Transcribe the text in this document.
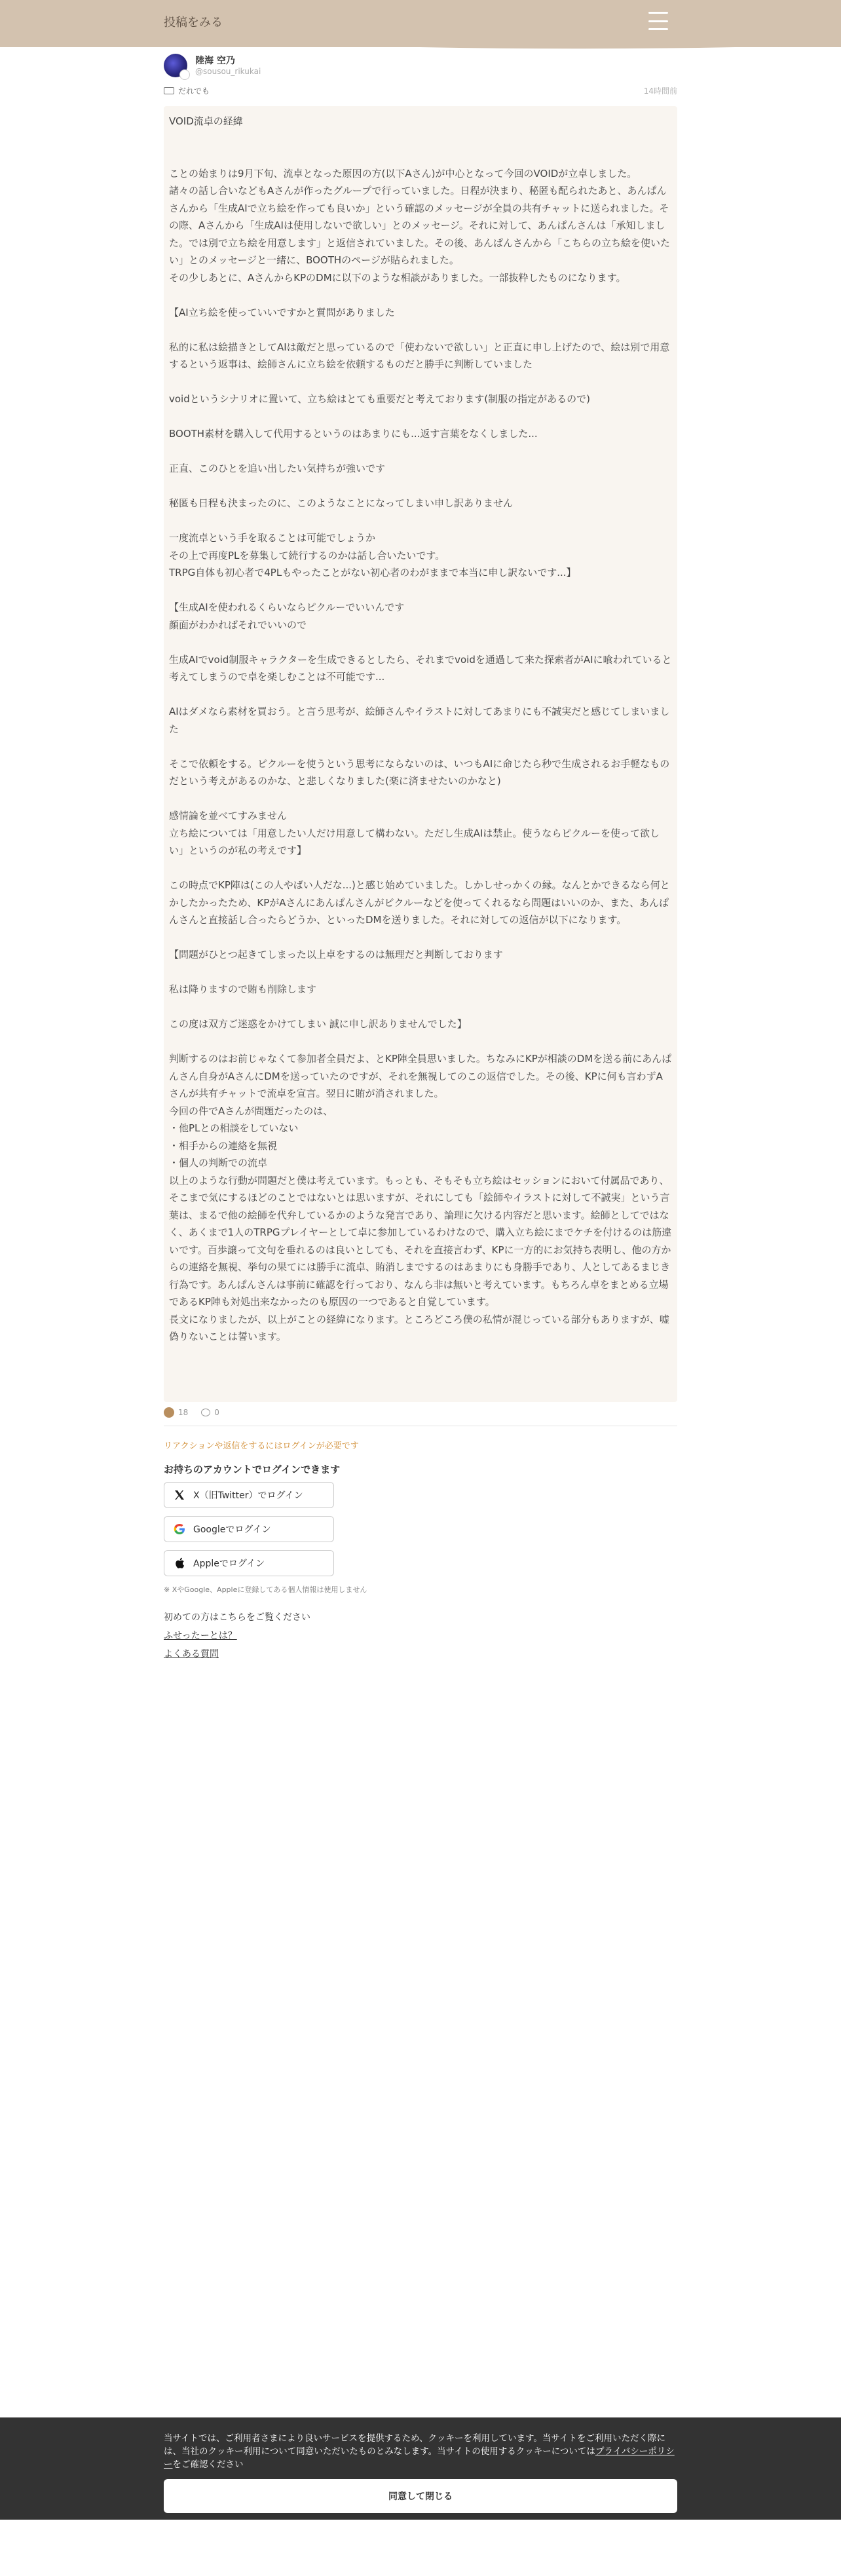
投稿をみる
陸海 空乃
@sousou_rikukai
だれでも	14時間前
VOID流卓の経緯

ことの始まりは9月下旬、流卓となった原因の方(以下Aさん)が中心となって今回のVOIDが立卓しました。
諸々の話し合いなどもAさんが作ったグループで行っていました。日程が決まり、秘匿も配られたあと、あんぱんさんから「生成AIで立ち絵を作っても良いか」という確認のメッセージが全員の共有チャットに送られました。その際、Aさんから「生成AIは使用しないで欲しい」とのメッセージ。それに対して、あんぱんさんは「承知しました。では別で立ち絵を用意します」と返信されていました。その後、あんぱんさんから「こちらの立ち絵を使いたい」とのメッセージと一緒に、BOOTHのページが貼られました。
その少しあとに、AさんからKPのDMに以下のような相談がありました。一部抜粋したものになります。

【AI立ち絵を使っていいですかと質問がありました

私的に私は絵描きとしてAIは敵だと思っているので「使わないで欲しい」と正直に申し上げたので、絵は別で用意するという返事は、絵師さんに立ち絵を依頼するものだと勝手に判断していました

voidというシナリオに置いて、立ち絵はとても重要だと考えております(制服の指定があるので)

BOOTH素材を購入して代用するというのはあまりにも...返す言葉をなくしました...

正直、このひとを追い出したい気持ちが強いです

秘匿も日程も決まったのに、このようなことになってしまい申し訳ありません

一度流卓という手を取ることは可能でしょうか
その上で再度PLを募集して続行するのかは話し合いたいです。
TRPG自体も初心者で4PLもやったことがない初心者のわがままで本当に申し訳ないです...】

【生成AIを使われるくらいならピクルーでいいんです
顔面がわかればそれでいいので

生成AIでvoid制服キャラクターを生成できるとしたら、それまでvoidを通過して来た探索者がAIに喰われていると考えてしまうので卓を楽しむことは不可能です...

AIはダメなら素材を買おう。と言う思考が、絵師さんやイラストに対してあまりにも不誠実だと感じてしまいました

そこで依頼をする。ピクルーを使うという思考にならないのは、いつもAIに命じたら秒で生成されるお手軽なものだという考えがあるのかな、と悲しくなりました(楽に済ませたいのかなと)

感情論を並べてすみません
立ち絵については「用意したい人だけ用意して構わない。ただし生成AIは禁止。使うならピクルーを使って欲しい」というのが私の考えです】

この時点でKP陣は(この人やばい人だな...)と感じ始めていました。しかしせっかくの縁。なんとかできるなら何とかしたかったため、KPがAさんにあんぱんさんがピクルーなどを使ってくれるなら問題はいいのか、また、あんぱんさんと直接話し合ったらどうか、といったDMを送りました。それに対しての返信が以下になります。

【問題がひとつ起きてしまった以上卓をするのは無理だと判断しております

私は降りますので賄も削除します

この度は双方ご迷惑をかけてしまい 誠に申し訳ありませんでした】

判断するのはお前じゃなくて参加者全員だよ、とKP陣全員思いました。ちなみにKPが相談のDMを送る前にあんぱんさん自身がAさんにDMを送っていたのですが、それを無視してのこの返信でした。その後、KPに何も言わずAさんが共有チャットで流卓を宣言。翌日に賄が消されました。
今回の件でAさんが問題だったのは、
・他PLとの相談をしていない
・相手からの連絡を無視
・個人の判断での流卓
以上のような行動が問題だと僕は考えています。もっとも、そもそも立ち絵はセッションにおいて付属品であり、そこまで気にするほどのことではないとは思いますが、それにしても「絵師やイラストに対して不誠実」という言葉は、まるで他の絵師を代弁しているかのような発言であり、論理に欠ける内容だと思います。絵師としてではなく、あくまで1人のTRPGプレイヤーとして卓に参加しているわけなので、購入立ち絵にまでケチを付けるのは筋違いです。百歩譲って文句を垂れるのは良いとしても、それを直接言わず、KPに一方的にお気持ち表明し、他の方からの連絡を無視、挙句の果てには勝手に流卓、賄消しまでするのはあまりにも身勝手であり、人としてあるまじき行為です。あんぱんさんは事前に確認を行っており、なんら非は無いと考えています。もちろん卓をまとめる立場であるKP陣も対処出来なかったのも原因の一つであると自覚しています。
長文になりましたが、以上がことの経緯になります。ところどころ僕の私情が混じっている部分もありますが、嘘偽りないことは誓います。
18	0
リアクションや返信をするにはログインが必要です
お持ちのアカウントでログインできます
X（旧Twitter）でログイン
Googleでログイン
Appleでログイン
※ XやGoogle、Appleに登録してある個人情報は使用しません
初めての方はこちらをご覧ください
ふせったーとは？
よくある質問
当サイトでは、ご利用者さまにより良いサービスを提供するため、クッキーを利用しています。当サイトをご利用いただく際には、当社のクッキー利用について同意いただいたものとみなします。当サイトの使用するクッキーについてはプライバシーポリシーをご確認ください
同意して閉じる
